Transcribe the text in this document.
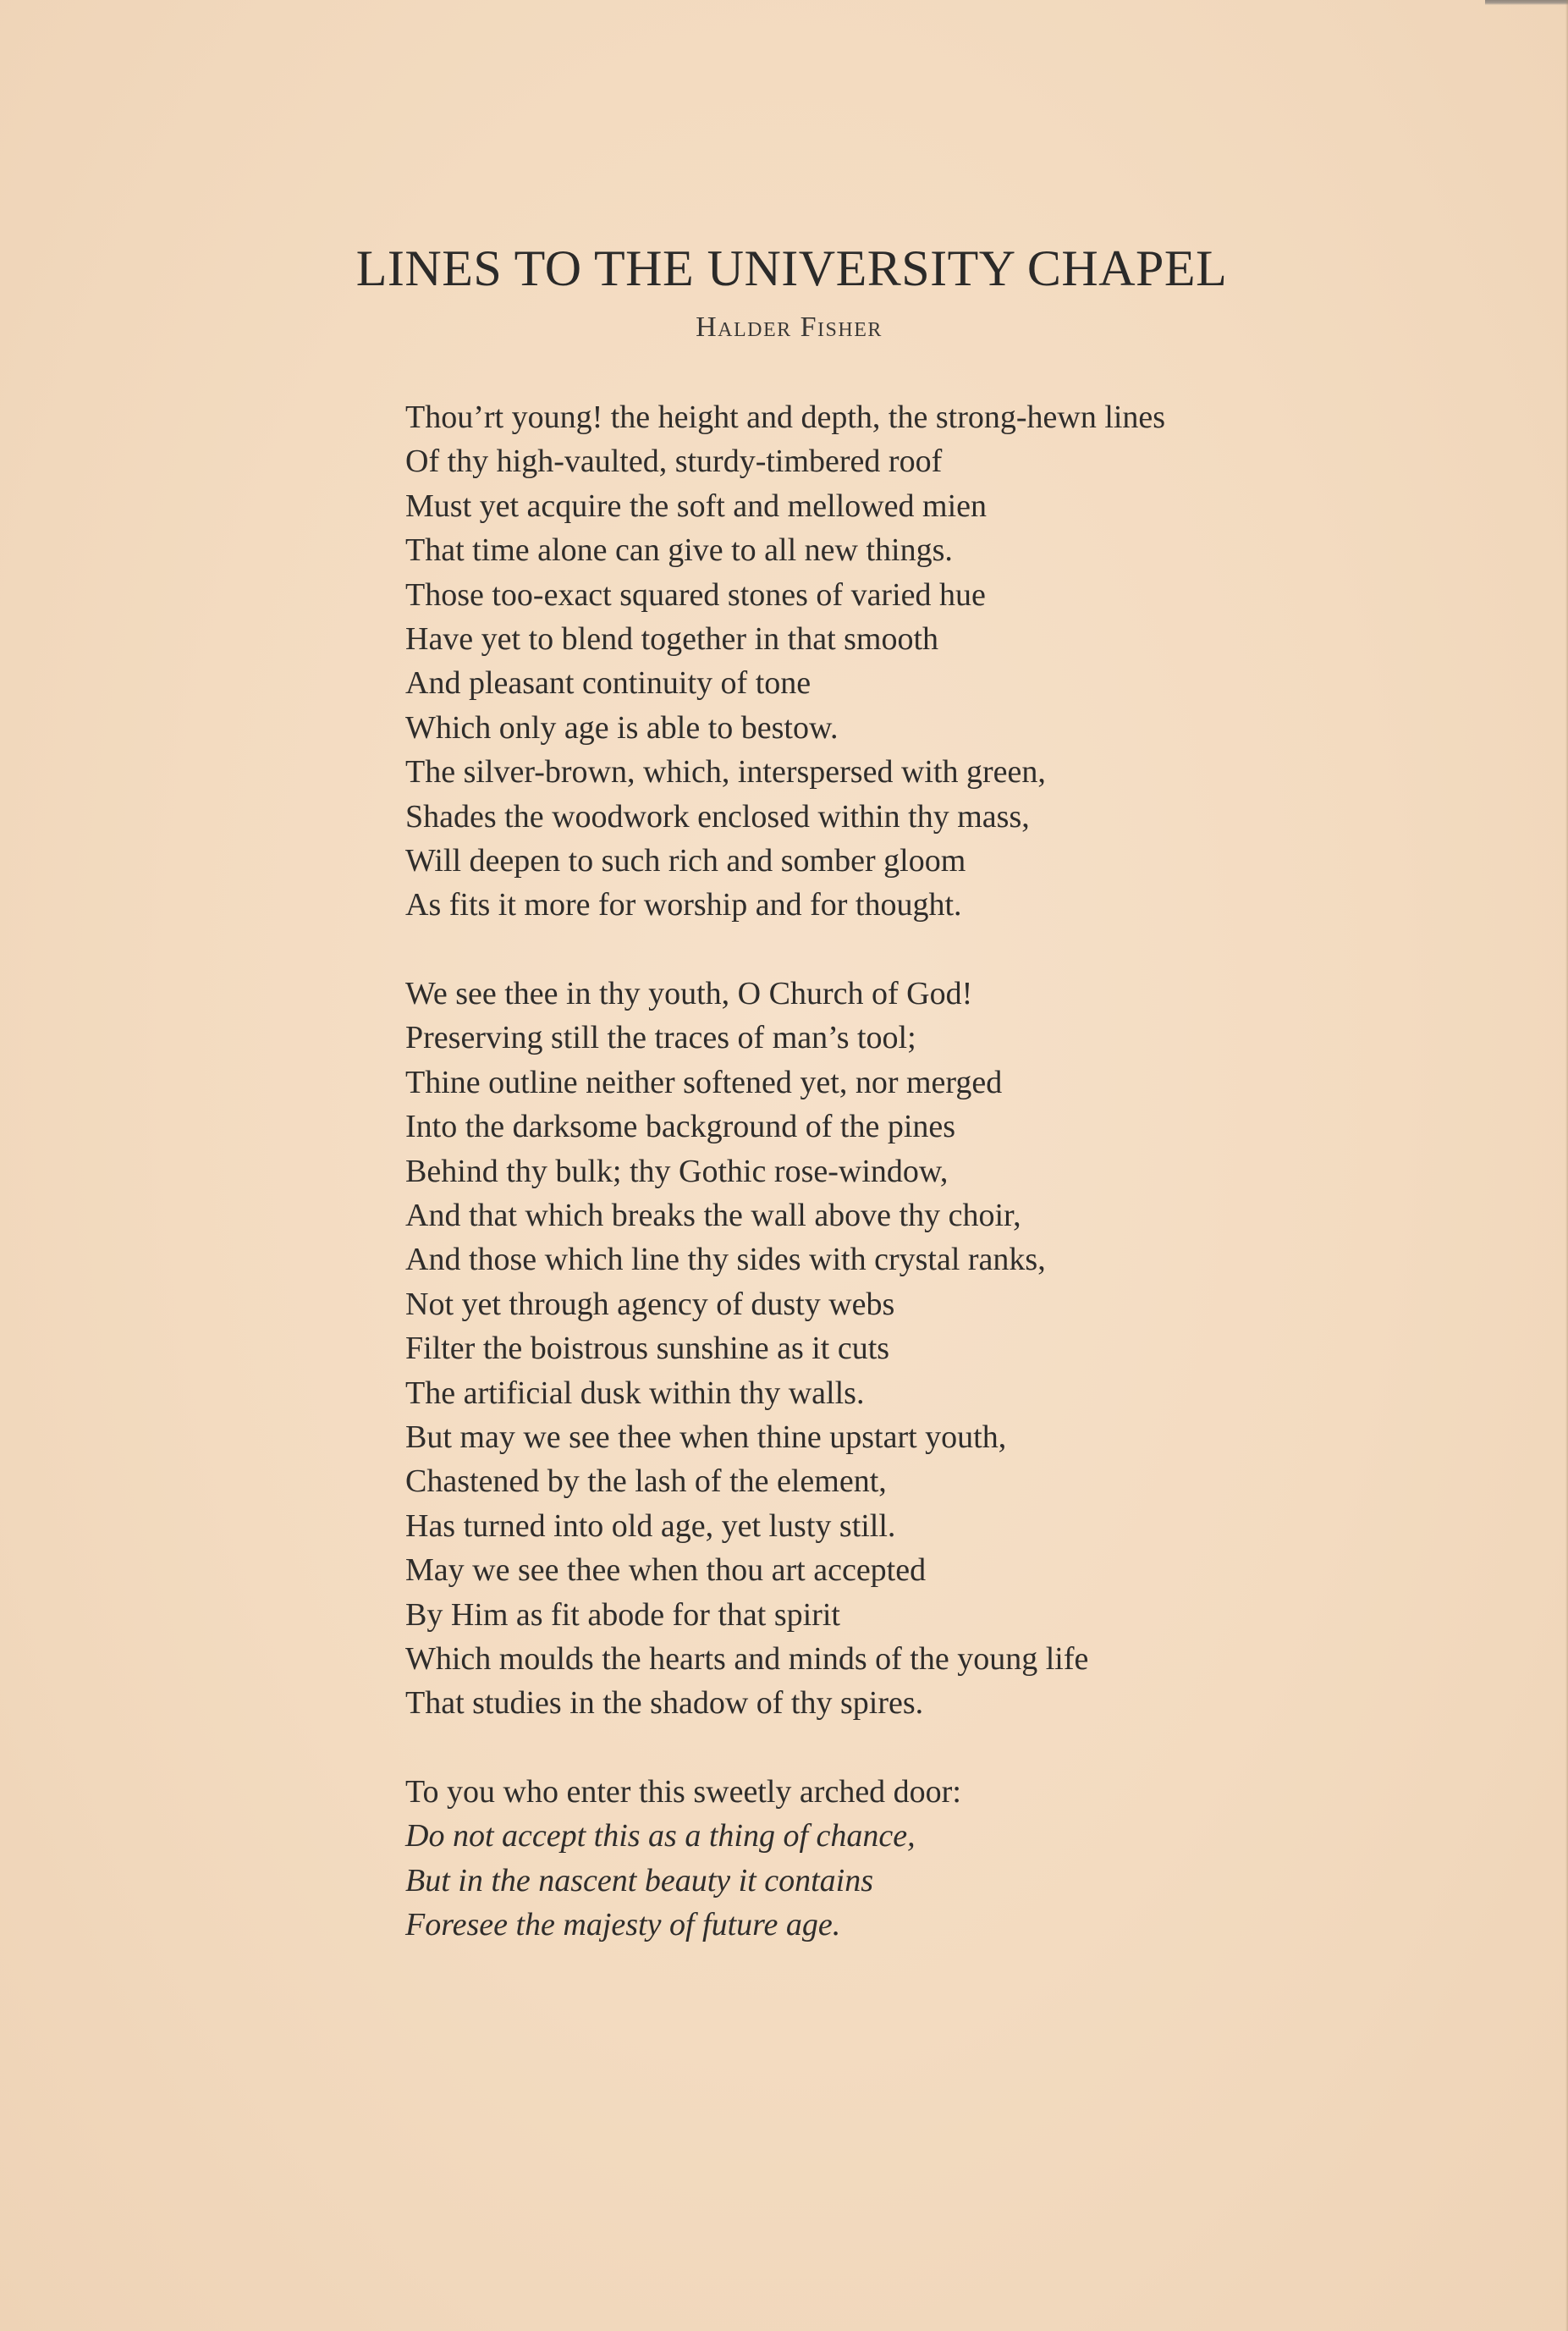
LINES TO THE UNIVERSITY CHAPEL
Halder Fisher
Thou’rt young! the height and depth, the strong-hewn lines
Of thy high-vaulted, sturdy-timbered roof
Must yet acquire the soft and mellowed mien
That time alone can give to all new things.
Those too-exact squared stones of varied hue
Have yet to blend together in that smooth
And pleasant continuity of tone
Which only age is able to bestow.
The silver-brown, which, interspersed with green,
Shades the woodwork enclosed within thy mass,
Will deepen to such rich and somber gloom
As fits it more for worship and for thought.
We see thee in thy youth, O Church of God!
Preserving still the traces of man’s tool;
Thine outline neither softened yet, nor merged
Into the darksome background of the pines
Behind thy bulk; thy Gothic rose-window,
And that which breaks the wall above thy choir,
And those which line thy sides with crystal ranks,
Not yet through agency of dusty webs
Filter the boistrous sunshine as it cuts
The artificial dusk within thy walls.
But may we see thee when thine upstart youth,
Chastened by the lash of the element,
Has turned into old age, yet lusty still.
May we see thee when thou art accepted
By Him as fit abode for that spirit
Which moulds the hearts and minds of the young life
That studies in the shadow of thy spires.
To you who enter this sweetly arched door:
Do not accept this as a thing of chance,
But in the nascent beauty it contains
Foresee the majesty of future age.
